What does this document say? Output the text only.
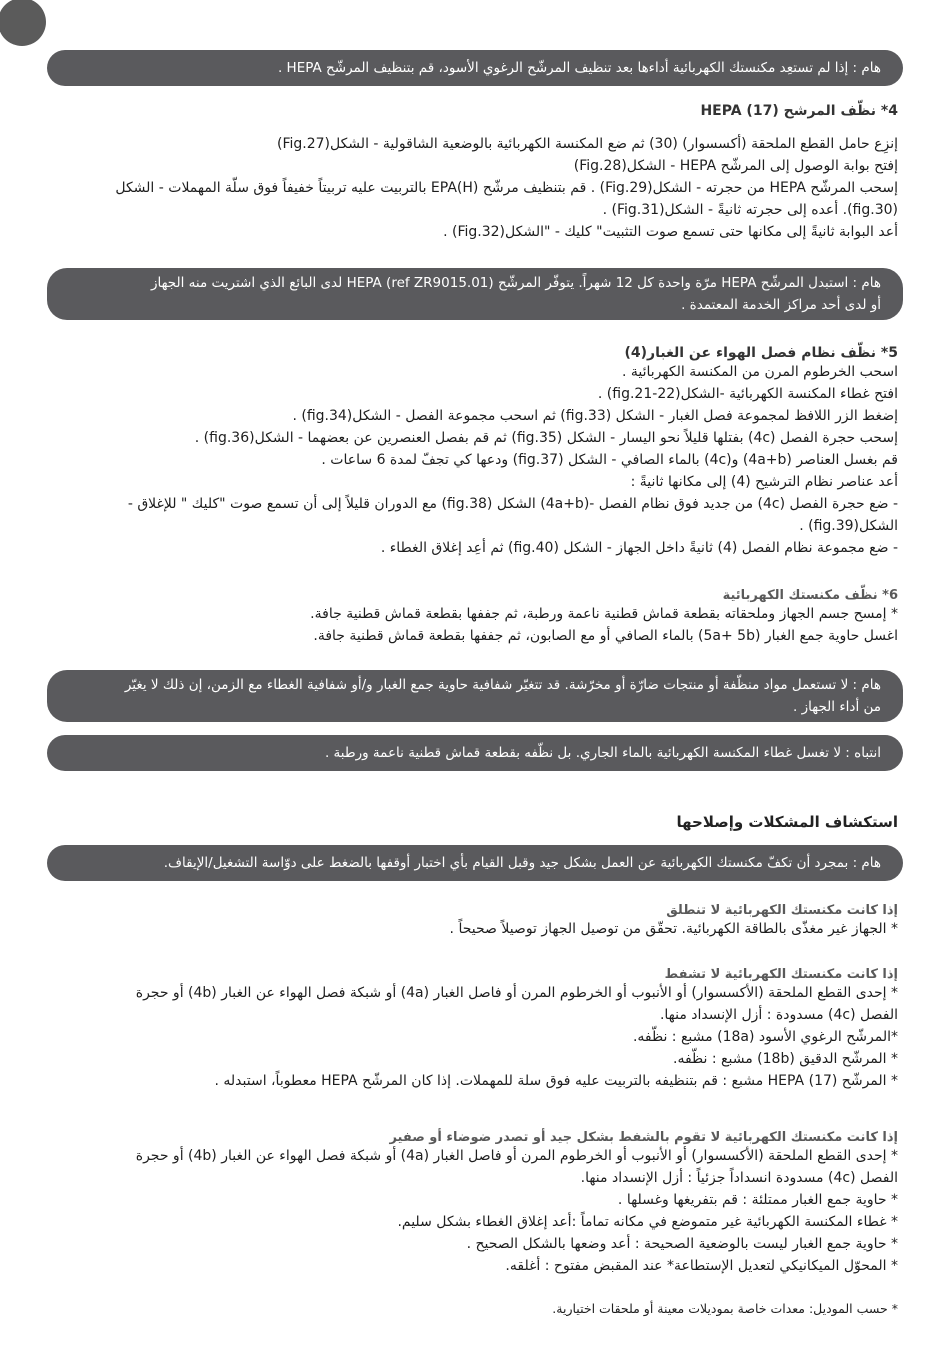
هام : إذا لم تستعِد مكنستك الكهربائية أداءها بعد تنظيف المرشّح الرغوي الأسود، قم بتنظيف المرشّح HEPA .
4* نظّف المرشح (17) HEPA
إنزِع حامل القطع الملحقة (أكسسوار) (30) ثم ضع المكنسة الكهربائية بالوضعية الشاقولية - الشكل(Fig.27)
إفتح بوابة الوصول إلى المرشّح HEPA - الشكل(Fig.28)
إسحب المرشّح HEPA من حجرته - الشكل(Fig.29) . قم بتنظيف مرشّح (H)EPA بالتربيت عليه تربيتاً خفيفاً فوق سلّة المهملات - الشكل
(fig.30). أعده إلى حجرته ثانيةً - الشكل(Fig.31) .
أعد البوابة ثانيةً إلى مكانها حتى تسمع صوت التثبيت" كليك - "الشكل(Fig.32) .
هام : استبدل المرشّح HEPA مرّة واحدة كل 12 شهراً. يتوفّر المرشّح (ref ZR9015.01) HEPA لدى البائع الذي اشتريت منه الجهاز
أو لدى أحد مراكز الخدمة المعتمدة .
5* نظّف نظام فصل الهواء عن الغبار(4)
اسحب الخرطوم المرن من المكنسة الكهربائية .
افتح غطاء المكنسة الكهربائية -الشكل(22-21.fig) .
إضغط الزر اللافظ لمجموعة فصل الغبار - الشكل (fig.33) ثم اسحب مجموعة الفصل - الشكل(fig.34) .
إسحب حجرة الفصل (4c) بفتلها قليلاً نحو اليسار - الشكل (fig.35) ثم قم بفصل العنصرين عن بعضهما - الشكل(fig.36) .
قم بغسل العناصر (4a+b) و(4c) بالماء الصافي - الشكل (fig.37) ودعها كي تجفّ لمدة 6 ساعات .
أعد عناصر نظام الترشيح (4) إلى مكانها ثانيةً :
- ضع حجرة الفصل (4c) من جديد فوق نظام الفصل -(4a+b) الشكل (fig.38) مع الدوران قليلاً إلى أن تسمع صوت "كليك " للإغلاق -
الشكل(fig.39) .
- ضع مجموعة نظام الفصل (4) ثانيةً داخل الجهاز - الشكل (fig.40) ثم أعِد إغلاق الغطاء .
6* نظّف مكنستك الكهربائية
* إمسح جسم الجهاز وملحقاته بقطعة قماش قطنية ناعمة ورطبة، ثم جففها بقطعة قماش قطنية جافة.
اغسل حاوية جمع الغبار (5a+ 5b) بالماء الصافي أو مع الصابون، ثم جففها بقطعة قماش قطنية جافة.
هام : لا تستعمل مواد منظّفة أو منتجات ضارّة أو مخرّشة. قد تتغيّر شفافية حاوية جمع الغبار و/أو شفافية الغطاء مع الزمن، إن ذلك لا يغيّر
من أداء الجهاز .
انتباه : لا تغسل غطاء المكنسة الكهربائية بالماء الجاري. بل نظّفه بقطعة قماش قطنية ناعمة ورطبة .
استكشاف المشكلات وإصلاحها
هام : بمجرد أن تكفّ مكنستك الكهربائية عن العمل بشكل جيد وقبل القيام بأي اختبار أوقفها بالضغط على دوّاسة التشغيل/الإيقاف.
إذا كانت مكنستك الكهربائية لا تنطلق
* الجهاز غير مغذّى بالطاقة الكهربائية. تحقّق من توصيل الجهاز توصيلاً صحيحاً .
إذا كانت مكنستك الكهربائية لا تشفط
* إحدى القطع الملحقة (الأكسسوار) أو الأنبوب أو الخرطوم المرن أو فاصل الغبار (4a) أو شبكة فصل الهواء عن الغبار (4b) أو حجرة
الفصل (4c) مسدودة : أزل الإنسداد منها.
*المرشّح الرغوي الأسود (18a) مشبع : نظّفه.
* المرشّح الدقيق (18b) مشبع : نظّفه.
* المرشّح (17) HEPA مشبع : قم بتنظيفه بالتربيت عليه فوق سلة للمهملات. إذا كان المرشّح HEPA معطوباً، استبدله .
إذا كانت مكنستك الكهربائية لا تقوم بالشفط بشكل جيد أو تصدر ضوضاء أو صفير
* إحدى القطع الملحقة (الأكسسوار) أو الأنبوب أو الخرطوم المرن أو فاصل الغبار (4a) أو شبكة فصل الهواء عن الغبار (4b) أو حجرة
الفصل (4c) مسدودة انسداداً جزئياً : أزل الإنسداد منها.
* حاوية جمع الغبار ممتلئة : قم بتفريغها وغسلها .
* غطاء المكنسة الكهربائية غير متموضع في مكانه تماماً :أعد إغلاق الغطاء بشكل سليم.
* حاوية جمع الغبار ليست بالوضعية الصحيحة : أعد وضعها بالشكل الصحيح .
* المحوّل الميكانيكي لتعديل الإستطاعة* عند المقبض مفتوح : أغلقه.
* حسب الموديل: معدات خاصة بموديلات معينة أو ملحقات اختيارية.
